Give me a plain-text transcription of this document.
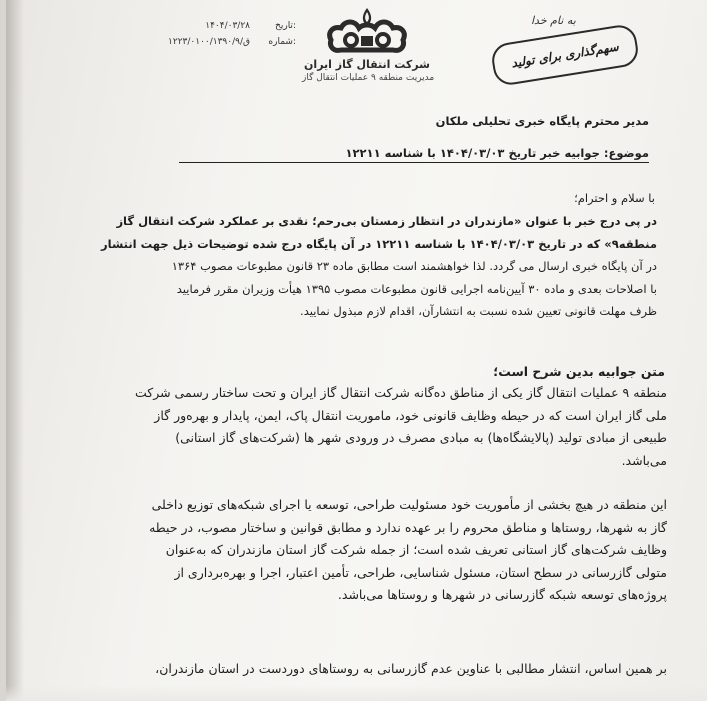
شرکت انتقال گاز ایران
مدیریت منطقه ۹ عملیات انتقال گاز
تاریخ:
۱۴۰۴/۰۳/۲۸
شماره:
۱۲۲۳/۰۱۰۰/۱۳۹۰/۹/ق
به نام خدا
سهم‌گذاری برای تولید
مدیر محترم پایگاه خبری تحلیلی ملکان
موضوع: جوابیه خبر تاریخ ۱۴۰۴/۰۳/۰۳ با شناسه ۱۲۲۱۱
با سلام و احترام؛
در پی درج خبر با عنوان «مازندران در انتظار زمستان بی‌رحم؛ نقدی بر عملکرد شرکت انتقال گاز
منطقه۹» که در تاریخ ۱۴۰۴/۰۳/۰۳ با شناسه ۱۲۲۱۱ در آن پایگاه درج شده توضیحات ذیل جهت انتشار
در آن پایگاه خبری ارسال می گردد. لذا خواهشمند است مطابق ماده ۲۳ قانون مطبوعات مصوب ۱۳۶۴
با اصلاحات بعدی و ماده ۳۰ آیین‌نامه اجرایی قانون مطبوعات مصوب ۱۳۹۵ هیأت وزیران مقرر فرمایید
ظرف مهلت قانونی تعیین شده نسبت به انتشارآن، اقدام لازم مبذول نمایید.
متن جوابیه بدین شرح است؛
منطقه ۹ عملیات انتقال گاز یکی از مناطق ده‌گانه شرکت انتقال گاز ایران و تحت ساختار رسمی شرکت
ملی گاز ایران است که در حیطه وظایف قانونی خود، ماموریت انتقال پاک، ایمن، پایدار و بهره‌ور گاز
طبیعی از مبادی تولید (پالایشگاه‌ها) به مبادی مصرف در ورودی شهر ها (شرکت‌های گاز استانی)
می‌باشد.
این منطقه در هیچ بخشی از مأموریت خود مسئولیت طراحی، توسعه یا اجرای شبکه‌های توزیع داخلی
گاز به شهرها، روستاها و مناطق محروم را بر عهده ندارد و مطابق قوانین و ساختار مصوب، در حیطه
وظایف شرکت‌های گاز استانی تعریف شده است؛ از جمله شرکت گاز استان مازندران که به‌عنوان
متولی گازرسانی در سطح استان، مسئول شناسایی، طراحی، تأمین اعتبار، اجرا و بهره‌برداری از
پروژه‌های توسعه شبکه گازرسانی در شهرها و روستاها می‌باشد.
بر همین اساس، انتشار مطالبی با عناوین عدم گازرسانی به روستاهای دوردست در استان مازندران،
